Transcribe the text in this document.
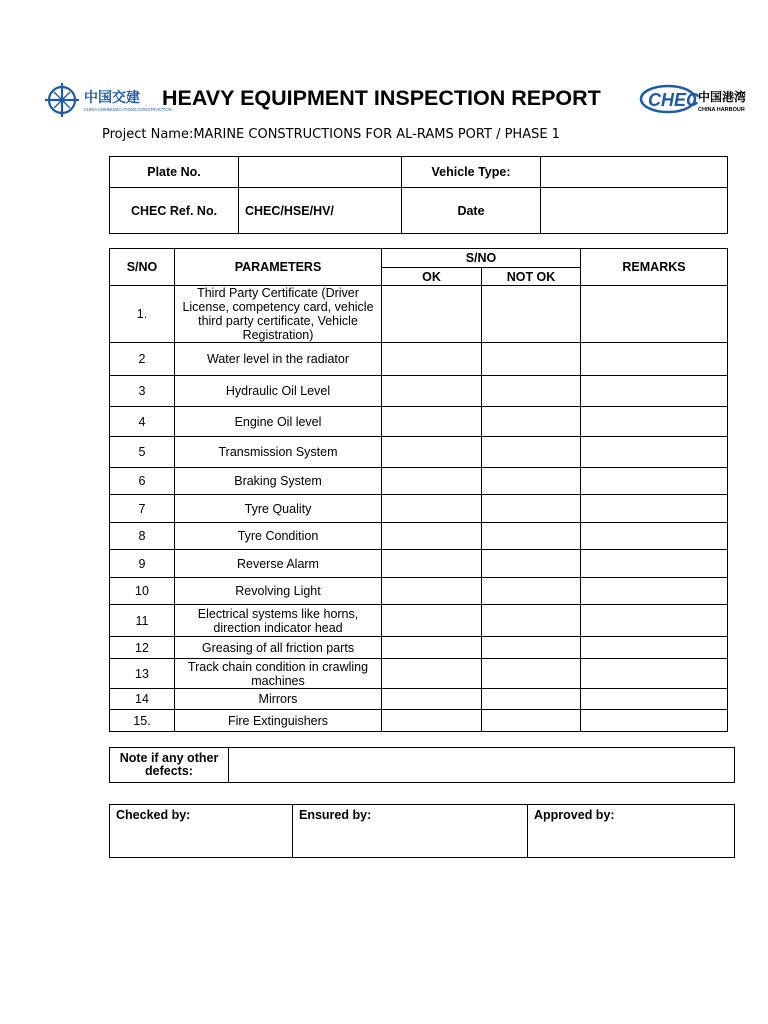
中国交建
CHINA COMMUNICATIONS CONSTRUCTION
HEAVY EQUIPMENT INSPECTION REPORT	CHEC
中国港湾
CHINA HARBOUR
Project Name:MARINE CONSTRUCTIONS FOR AL-RAMS PORT / PHASE 1
Plate No.		Vehicle Type:	
CHEC Ref. No.	CHEC/HSE/HV/	Date	
S/NO	PARAMETERS	S/NO		REMARKS
		OK	NOT OK	
1.	Third Party Certificate (Driver License, competency card, vehicle third party certificate, Vehicle Registration)			
2	Water level in the radiator			
3	Hydraulic Oil Level			
4	Engine Oil level			
5	Transmission System			
6	Braking System			
7	Tyre Quality			
8	Tyre Condition			
9	Reverse Alarm			
10	Revolving Light			
11	Electrical systems like horns, direction indicator head			
12	Greasing of all friction parts			
13	Track chain condition in crawling machines			
14	Mirrors			
15.	Fire Extinguishers			
Note if any other defects:	
Checked by:	Ensured by:	Approved by:
